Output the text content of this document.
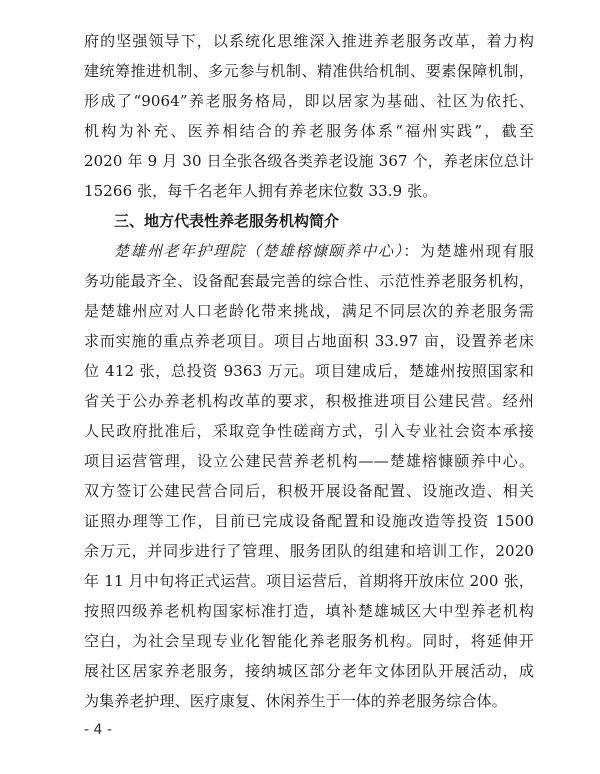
府的坚强领导下，以系统化思维深入推进养老服务改革，着力构
建统筹推进机制、多元参与机制、精准供给机制、要素保障机制，
形成了“9064”养老服务格局，即以居家为基础、社区为依托、
机构为补充、医养相结合的养老服务体系“福州实践”，截至
2020 年 9 月 30 日全张各级各类养老设施 367 个，养老床位总计
15266 张，每千名老年人拥有养老床位数 33.9 张。
三、地方代表性养老服务机构简介
楚雄州老年护理院（楚雄榕慷颐养中心）：为楚雄州现有服
务功能最齐全、设备配套最完善的综合性、示范性养老服务机构，
是楚雄州应对人口老龄化带来挑战，满足不同层次的养老服务需
求而实施的重点养老项目。项目占地面积 33.97 亩，设置养老床
位 412 张，总投资 9363 万元。项目建成后，楚雄州按照国家和
省关于公办养老机构改革的要求，积极推进项目公建民营。经州
人民政府批准后，采取竞争性磋商方式，引入专业社会资本承接
项目运营管理，设立公建民营养老机构——楚雄榕慷颐养中心。
双方签订公建民营合同后，积极开展设备配置、设施改造、相关
证照办理等工作，目前已完成设备配置和设施改造等投资 1500
余万元，并同步进行了管理、服务团队的组建和培训工作，2020
年 11 月中旬将正式运营。项目运营后，首期将开放床位 200 张，
按照四级养老机构国家标准打造，填补楚雄城区大中型养老机构
空白，为社会呈现专业化智能化养老服务机构。同时，将延伸开
展社区居家养老服务，接纳城区部分老年文体团队开展活动，成
为集养老护理、医疗康复、休闲养生于一体的养老服务综合体。
- 4 -
